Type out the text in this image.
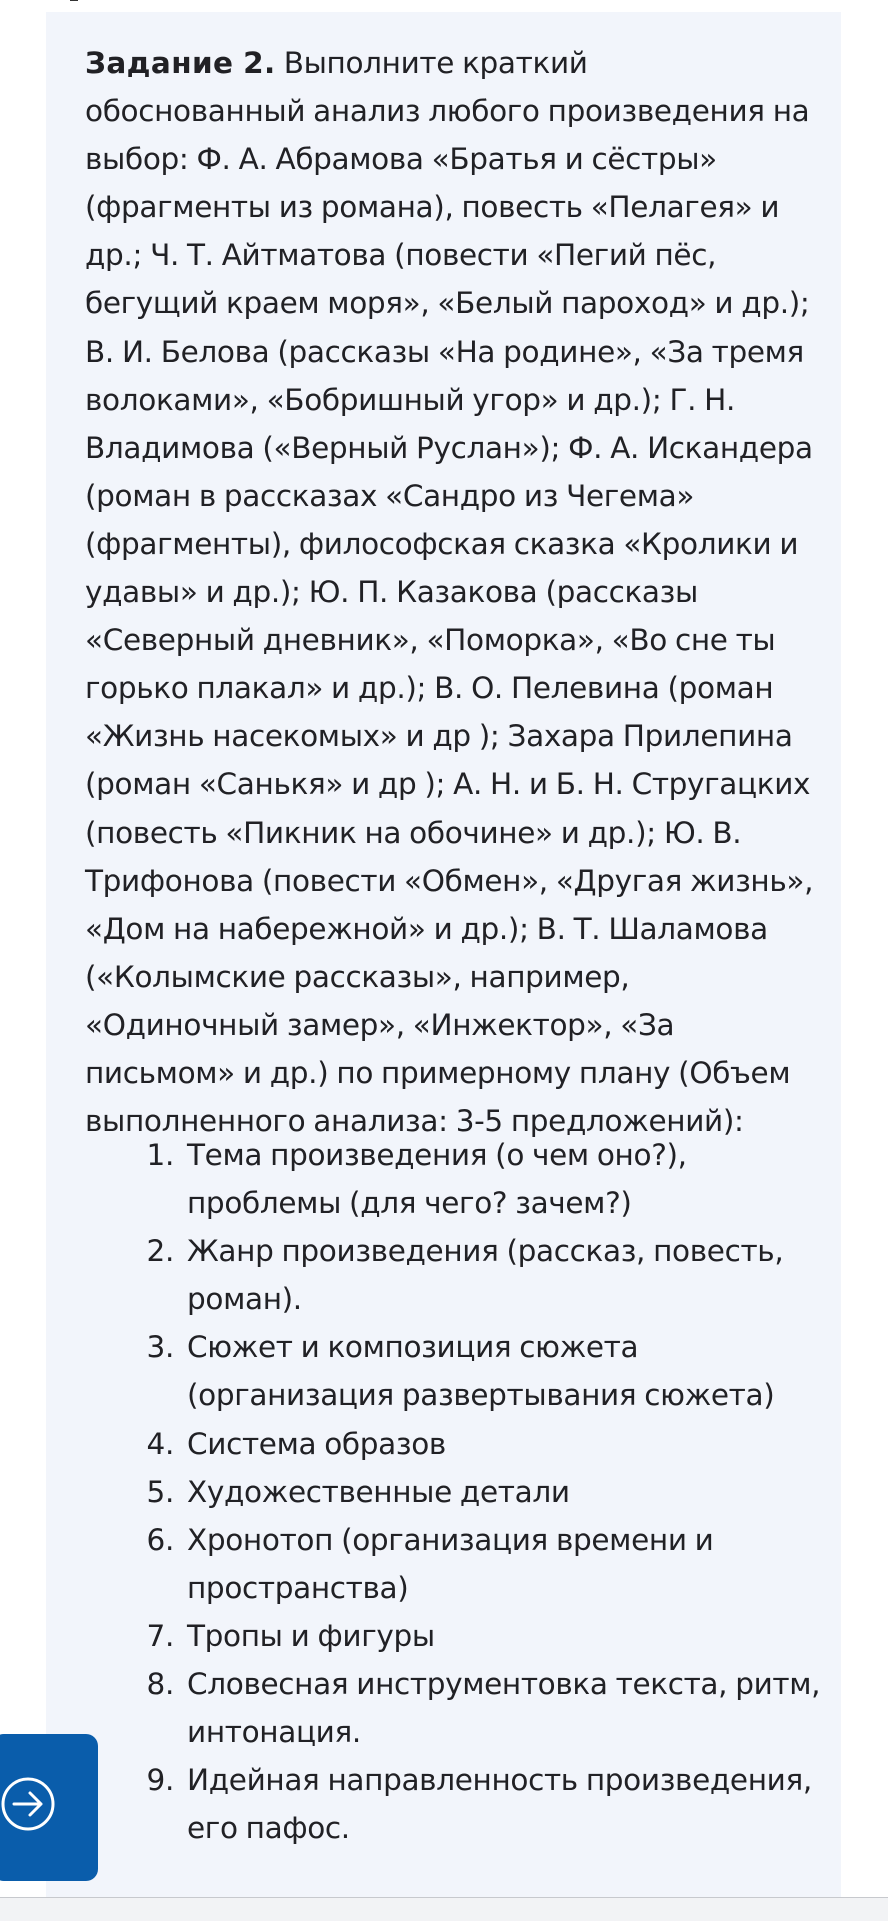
Задание 2. Выполните краткий обоснованный анализ любого произведения на выбор: Ф. А. Абрамова «Братья и сёстры» (фрагменты из романа), повесть «Пелагея» и др.; Ч. Т. Айтматова (повести «Пегий пёс, бегущий краем моря», «Белый пароход» и др.); В. И. Белова (рассказы «На родине», «За тремя волоками», «Бобришный угор» и др.); Г. Н. Владимова («Верный Руслан»); Ф. А. Искандера (роман в рассказах «Сандро из Чегема» (фрагменты), философская сказка «Кролики и удавы» и др.); Ю. П. Казакова (рассказы «Северный дневник», «Поморка», «Во сне ты горько плакал» и др.); В. О. Пелевина (роман «Жизнь насекомых» и др ); Захара Прилепина (роман «Санькя» и др ); А. Н. и Б. Н. Стругацких (повесть «Пикник на обочине» и др.); Ю. В. Трифонова (повести «Обмен», «Другая жизнь», «Дом на набережной» и др.); В. Т. Шаламова («Колымские рассказы», например, «Одиночный замер», «Инжектор», «За письмом» и др.) по примерному плану (Объем выполненного анализа: 3-5 предложений):

1. Тема произведения (о чем оно?), проблемы (для чего? зачем?)
2. Жанр произведения (рассказ, повесть, роман).
3. Сюжет и композиция сюжета (организация развертывания сюжета)
4. Система образов
5. Художественные детали
6. Хронотоп (организация времени и пространства)
7. Тропы и фигуры
8. Словесная инструментовка текста, ритм, интонация.
9. Идейная направленность произведения, его пафос.
